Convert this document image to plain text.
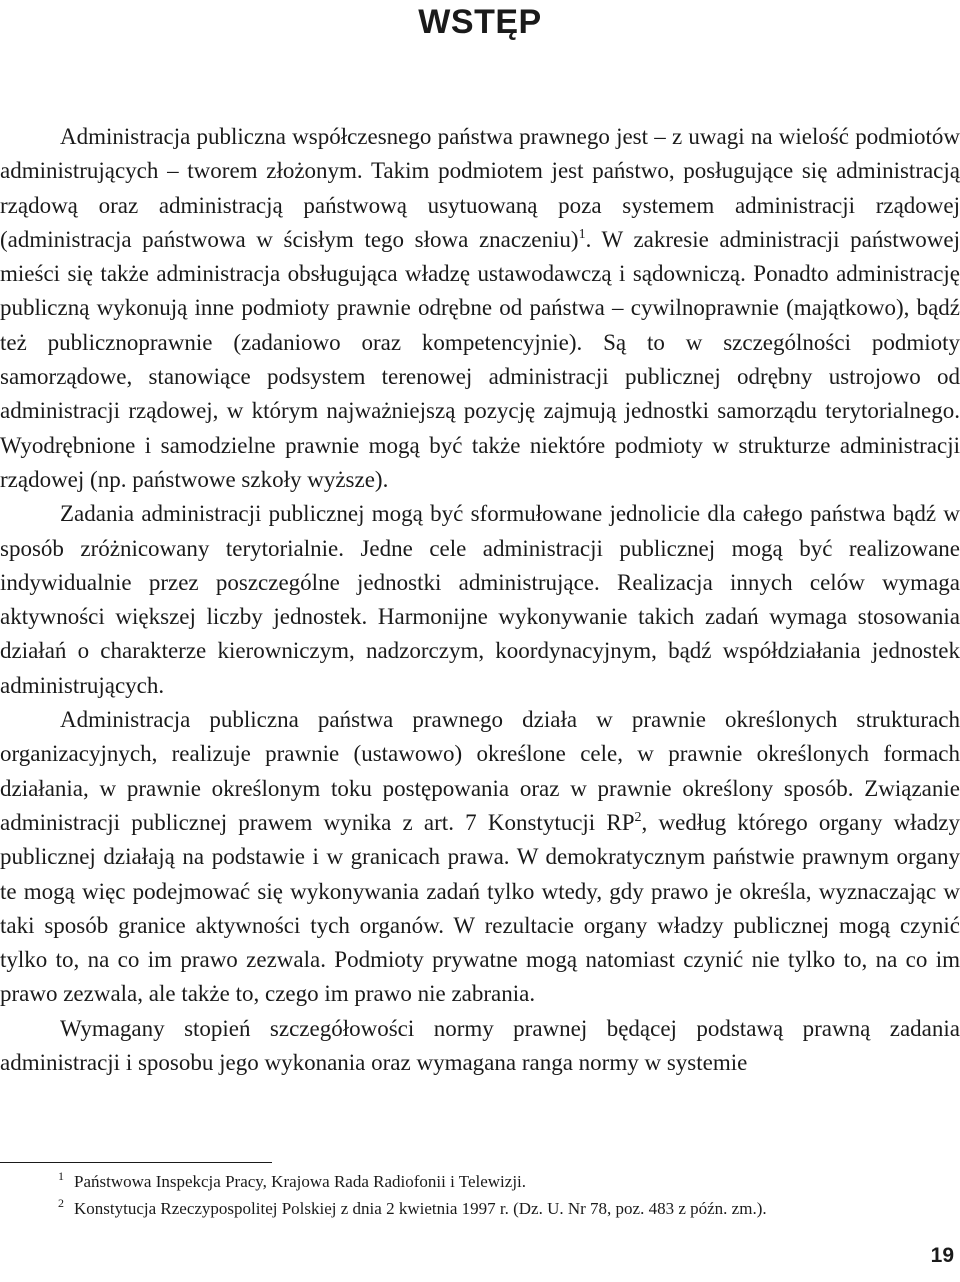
WSTĘP

Administracja publiczna współczesnego państwa prawnego jest – z uwagi na wielość podmiotów administrujących – tworem złożonym. Takim podmiotem jest państwo, posługujące się administracją rządową oraz administracją państwową usytuowaną poza systemem administracji rządowej (administracja państwowa w ścisłym tego słowa znaczeniu)$^1$. W zakresie administracji państwowej mieści się także administracja obsługująca władzę ustawodawczą i sądowniczą. Ponadto administrację publiczną wykonują inne podmioty prawnie odrębne od państwa – cywilnoprawnie (majątkowo), bądź też publicznoprawnie (zadaniowo oraz kompetencyjnie). Są to w szczególności podmioty samorządowe, stanowiące podsystem terenowej administracji publicznej odrębny ustrojowo od administracji rządowej, w którym najważniejszą pozycję zajmują jednostki samorządu terytorialnego. Wyodrębnione i samodzielne prawnie mogą być także niektóre podmioty w strukturze administracji rządowej (np. państwowe szkoły wyższe).

Zadania administracji publicznej mogą być sformułowane jednolicie dla całego państwa bądź w sposób zróżnicowany terytorialnie. Jedne cele administracji publicznej mogą być realizowane indywidualnie przez poszczególne jednostki administrujące. Realizacja innych celów wymaga aktywności większej liczby jednostek. Harmonijne wykonywanie takich zadań wymaga stosowania działań o charakterze kierowniczym, nadzorczym, koordynacyjnym, bądź współdziałania jednostek administrujących.

Administracja publiczna państwa prawnego działa w prawnie określonych strukturach organizacyjnych, realizuje prawnie (ustawowo) określone cele, w prawnie określonych formach działania, w prawnie określonym toku postępowania oraz w prawnie określony sposób. Związanie administracji publicznej prawem wynika z art. 7 Konstytucji $RP^2$, według którego organy władzy publicznej działają na podstawie i w granicach prawa. W demokratycznym państwie prawnym organy te mogą więc podejmować się wykonywania zadań tylko wtedy, gdy prawo je określa, wyznaczając w taki sposób granice aktywności tych organów. W rezultacie organy władzy publicznej mogą czynić tylko to, na co im prawo zezwala. Podmioty prywatne mogą natomiast czynić nie tylko to, na co im prawo zezwala, ale także to, czego im prawo nie zabrania.

Wymagany stopień szczegółowości normy prawnej będącej podstawą prawną zadania administracji i sposobu jego wykonania oraz wymagana ranga normy w systemie

1 Państwowa Inspekcja Pracy, Krajowa Rada Radiofonii i Telewizji.
2 Konstytucja Rzeczypospolitej Polskiej z dnia 2 kwietnia 1997 r. (Dz. U. Nr 78, poz. 483 z późn. zm.).
19
